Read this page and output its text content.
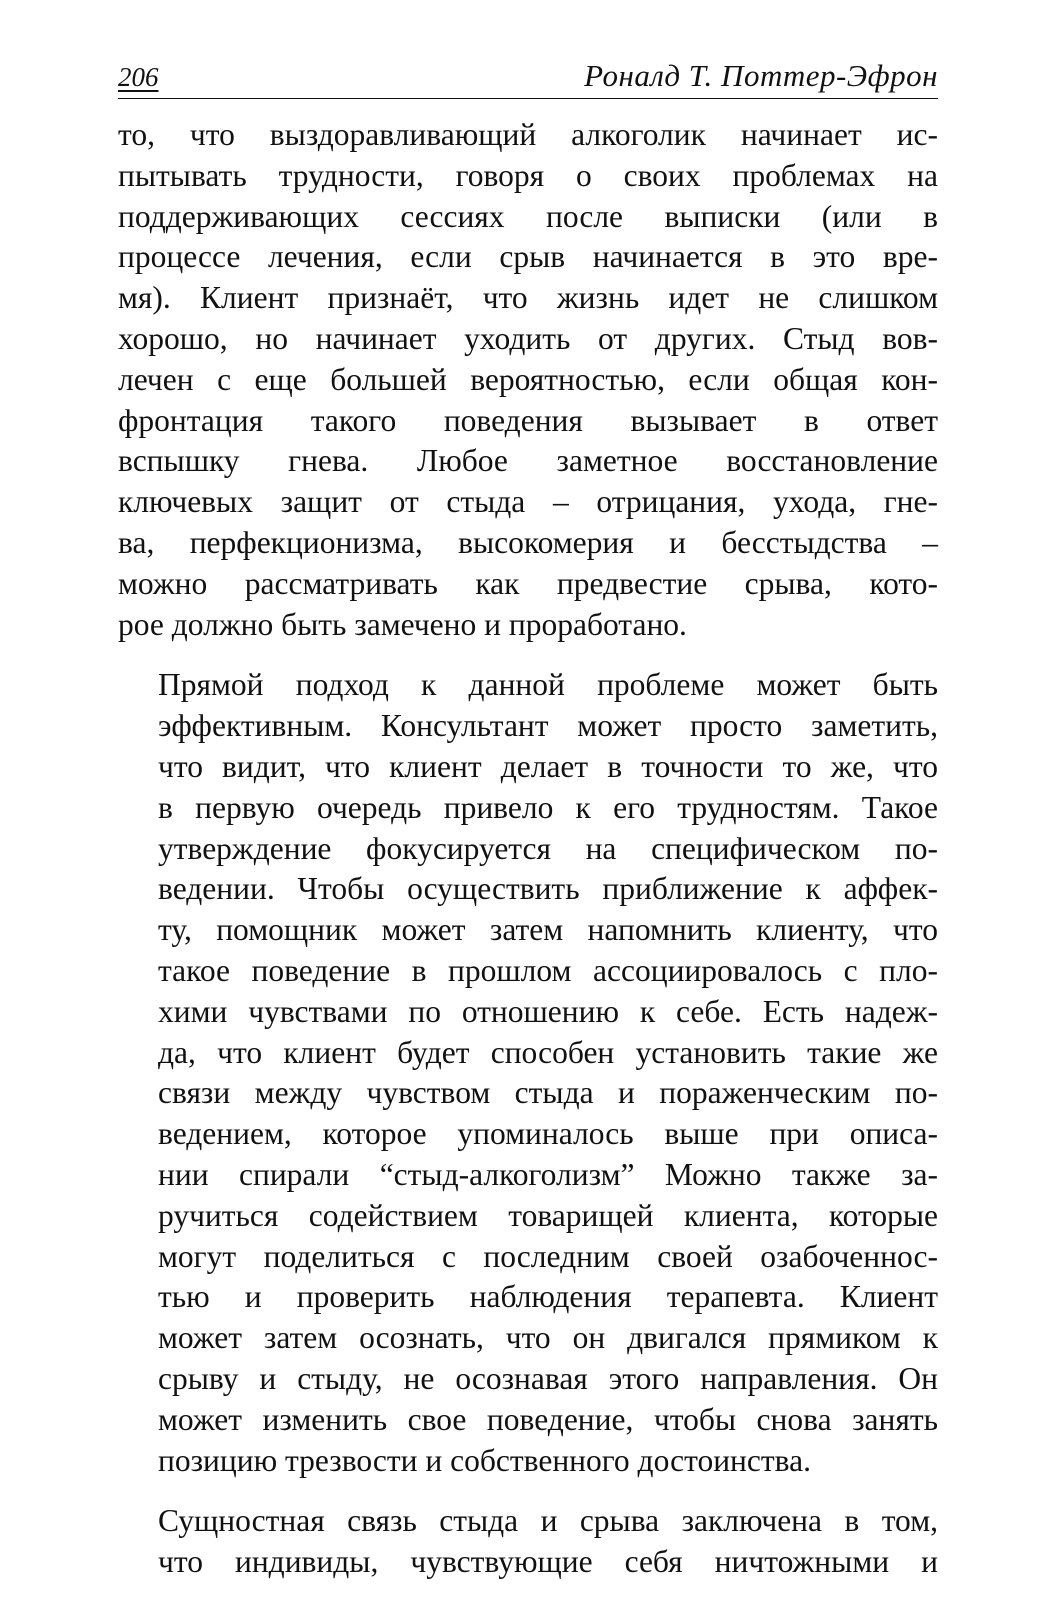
206	Роналд Т. Поттер-Эфрон

то, что выздоравливающий алкоголик начинает ис-
пытывать трудности, говоря о своих проблемах на
поддерживающих сессиях после выписки (или в
процессе лечения, если срыв начинается в это вре-
мя). Клиент признаёт, что жизнь идет не слишком
хорошо, но начинает уходить от других. Стыд вов-
лечен с еще большей вероятностью, если общая кон-
фронтация такого поведения вызывает в ответ
вспышку гнева. Любое заметное восстановление
ключевых защит от стыда – отрицания, ухода, гне-
ва, перфекционизма, высокомерия и бесстыдства –
можно рассматривать как предвестие срыва, кото-
рое должно быть замечено и проработано.

Прямой подход к данной проблеме может быть
эффективным. Консультант может просто заметить,
что видит, что клиент делает в точности то же, что
в первую очередь привело к его трудностям. Такое
утверждение фокусируется на специфическом по-
ведении. Чтобы осуществить приближение к аффек-
ту, помощник может затем напомнить клиенту, что
такое поведение в прошлом ассоциировалось с пло-
хими чувствами по отношению к себе. Есть надеж-
да, что клиент будет способен установить такие же
связи между чувством стыда и пораженческим по-
ведением, которое упоминалось выше при описа-
нии спирали “стыд-алкоголизм” Можно также за-
ручиться содействием товарищей клиента, которые
могут поделиться с последним своей озабоченнос-
тью и проверить наблюдения терапевта. Клиент
может затем осознать, что он двигался прямиком к
срыву и стыду, не осознавая этого направления. Он
может изменить свое поведение, чтобы снова занять
позицию трезвости и собственного достоинства.

Сущностная связь стыда и срыва заключена в том,
что индивиды, чувствующие себя ничтожными и
